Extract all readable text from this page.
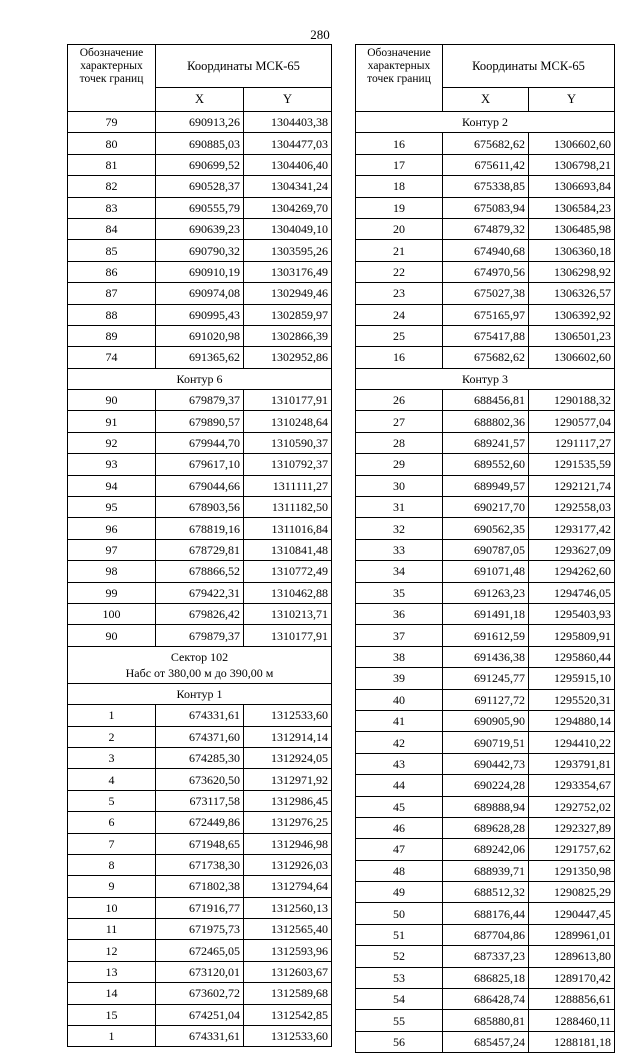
280
Обозначение характерных точек границ	Координаты МСК-65	
	X	Y
79	690913,26	1304403,38
80	690885,03	1304477,03
81	690699,52	1304406,40
82	690528,37	1304341,24
83	690555,79	1304269,70
84	690639,23	1304049,10
85	690790,32	1303595,26
86	690910,19	1303176,49
87	690974,08	1302949,46
88	690995,43	1302859,97
89	691020,98	1302866,39
74	691365,62	1302952,86

Контур 6		

90	679879,37	1310177,91
91	679890,57	1310248,64
92	679944,70	1310590,37
93	679617,10	1310792,37
94	679044,66	1311111,27
95	678903,56	1311182,50
96	678819,16	1311016,84
97	678729,81	1310841,48
98	678866,52	1310772,49
99	679422,31	1310462,88
100	679826,42	1310213,71
90	679879,37	1310177,91

Сектор 102
Набс от 380,00 м до 390,00 м		

Контур 1		

1	674331,61	1312533,60
2	674371,60	1312914,14
3	674285,30	1312924,05
4	673620,50	1312971,92
5	673117,58	1312986,45
6	672449,86	1312976,25
7	671948,65	1312946,98
8	671738,30	1312926,03
9	671802,38	1312794,64
10	671916,77	1312560,13
11	671975,73	1312565,40
12	672465,05	1312593,96
13	673120,01	1312603,67
14	673602,72	1312589,68
15	674251,04	1312542,85
1	674331,61	1312533,60
Обозначение характерных точек границ	Координаты МСК-65	
	X	Y

Контур 2		

16	675682,62	1306602,60
17	675611,42	1306798,21
18	675338,85	1306693,84
19	675083,94	1306584,23
20	674879,32	1306485,98
21	674940,68	1306360,18
22	674970,56	1306298,92
23	675027,38	1306326,57
24	675165,97	1306392,92
25	675417,88	1306501,23
16	675682,62	1306602,60

Контур 3		

26	688456,81	1290188,32
27	688802,36	1290577,04
28	689241,57	1291117,27
29	689552,60	1291535,59
30	689949,57	1292121,74
31	690217,70	1292558,03
32	690562,35	1293177,42
33	690787,05	1293627,09
34	691071,48	1294262,60
35	691263,23	1294746,05
36	691491,18	1295403,93
37	691612,59	1295809,91
38	691436,38	1295860,44
39	691245,77	1295915,10
40	691127,72	1295520,31
41	690905,90	1294880,14
42	690719,51	1294410,22
43	690442,73	1293791,81
44	690224,28	1293354,67
45	689888,94	1292752,02
46	689628,28	1292327,89
47	689242,06	1291757,62
48	688939,71	1291350,98
49	688512,32	1290825,29
50	688176,44	1290447,45
51	687704,86	1289961,01
52	687337,23	1289613,80
53	686825,18	1289170,42
54	686428,74	1288856,61
55	685880,81	1288460,11
56	685457,24	1288181,18
